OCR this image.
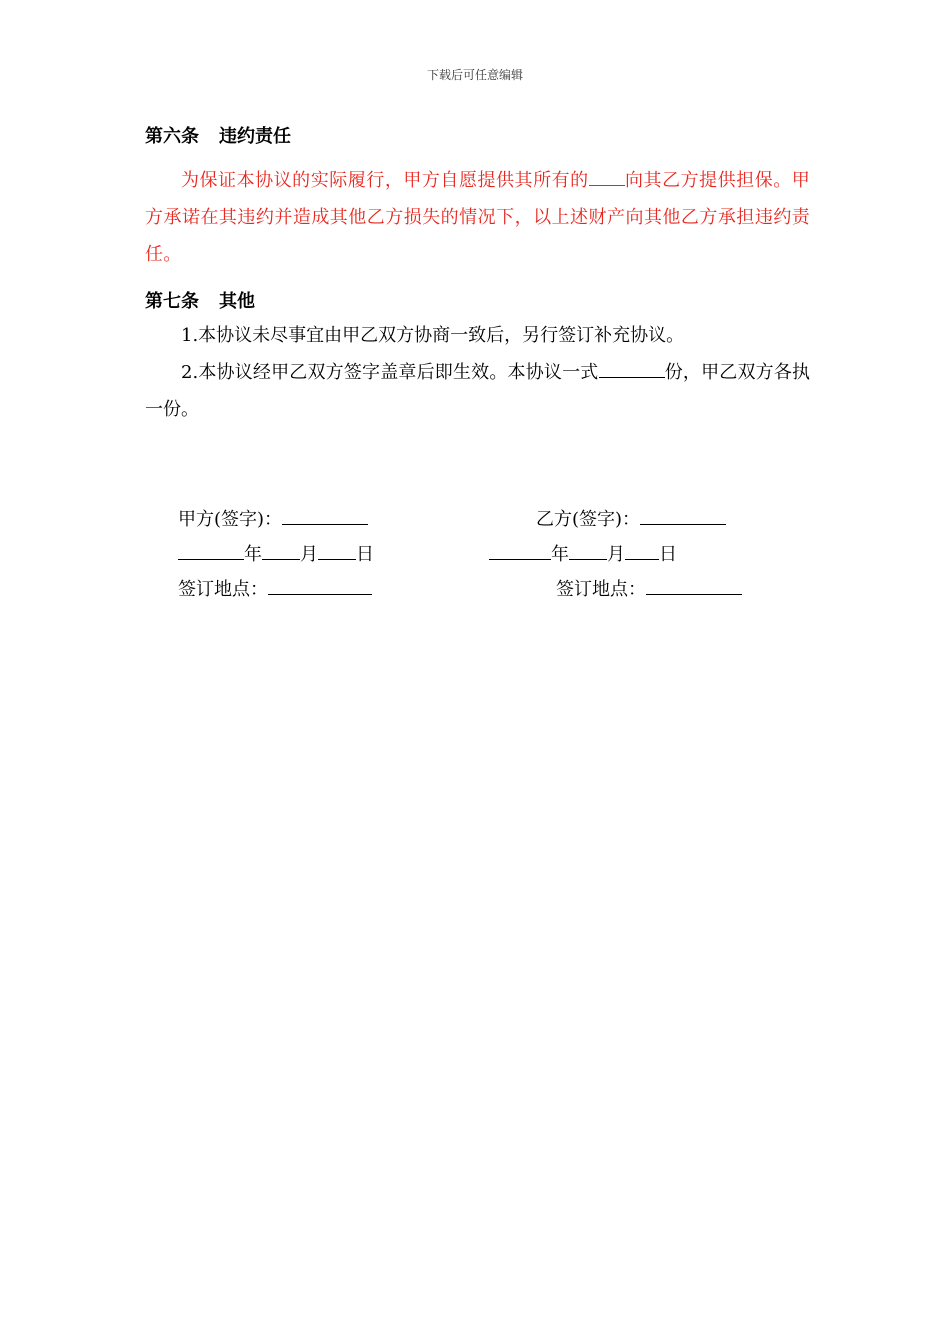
下载后可任意编辑
第六条 违约责任

为保证本协议的实际履行，甲方自愿提供其所有的 向其乙方提供担保。甲方承诺在其违约并造成其他乙方损失的情况下，以上述财产向其他乙方承担违约责任。

第七条 其他

1.本协议未尽事宜由甲乙双方协商一致后，另行签订补充协议。

2.本协议经甲乙双方签字盖章后即生效。本协议一式	份，甲乙双方各执一份。

甲方(签字)：	乙方(签字)：
年 月 日	年 月 日
签订地点：	签订地点：
